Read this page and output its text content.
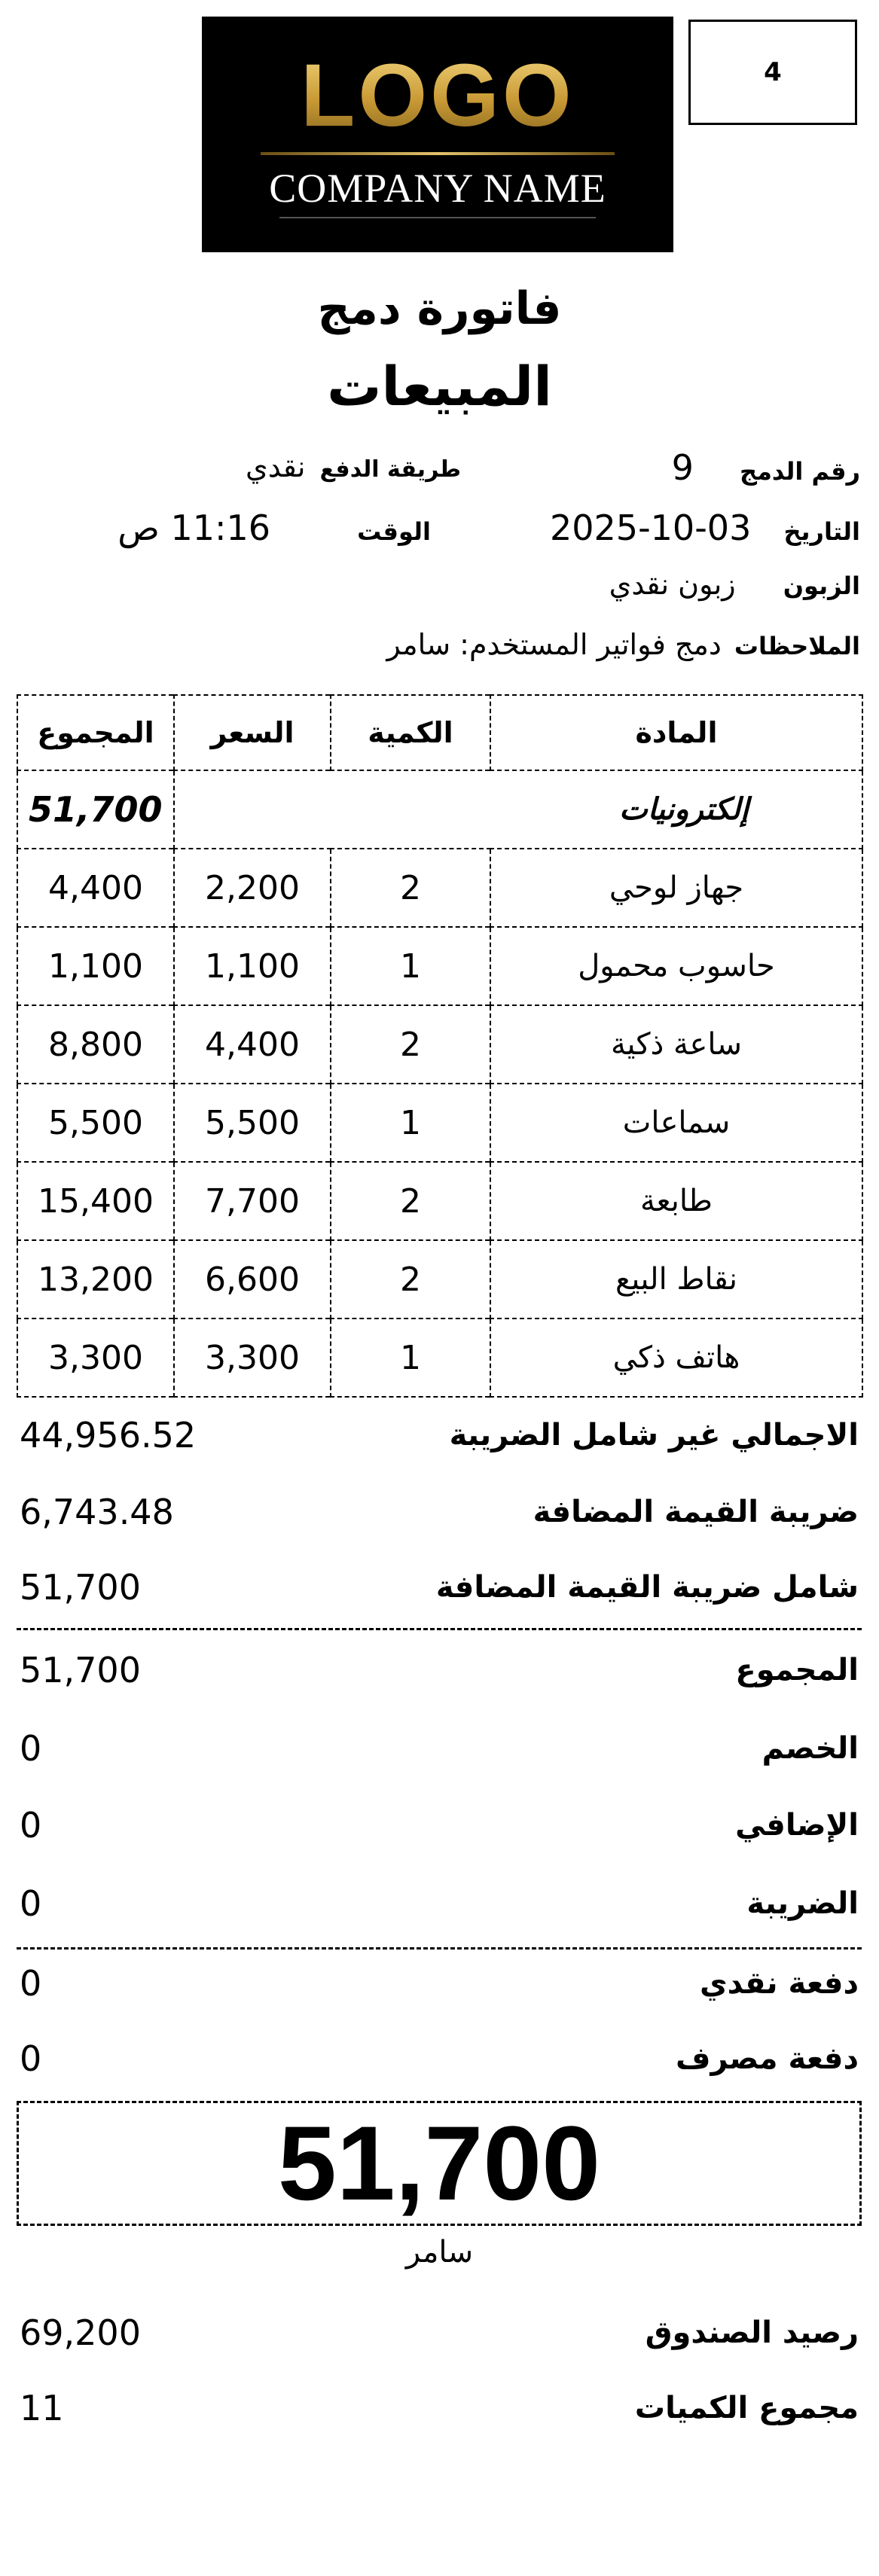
LOGO
COMPANY NAME
4
فاتورة دمج
المبيعات
رقم الدمج 9
طريقة الدفع نقدي
التاريخ 2025-10-03
الوقت 11:16 ص
الزبون زبون نقدي
الملاحظات دمج فواتير المستخدم: سامر
المادة	الكمية	السعر	المجموع
إلكترونيات			51,700
جهاز لوحي	2	2,200	4,400
حاسوب محمول	1	1,100	1,100
ساعة ذكية	2	4,400	8,800
سماعات	1	5,500	5,500
طابعة	2	7,700	15,400
نقاط البيع	2	6,600	13,200
هاتف ذكي	1	3,300	3,300
44,956.52	الاجمالي غير شامل الضريبة
6,743.48	ضريبة القيمة المضافة
51,700	شامل ضريبة القيمة المضافة
51,700	المجموع
0	الخصم
0	الإضافي
0	الضريبة
0	دفعة نقدي
0	دفعة مصرف
51,700
سامر
69,200	رصيد الصندوق
11	مجموع الكميات
